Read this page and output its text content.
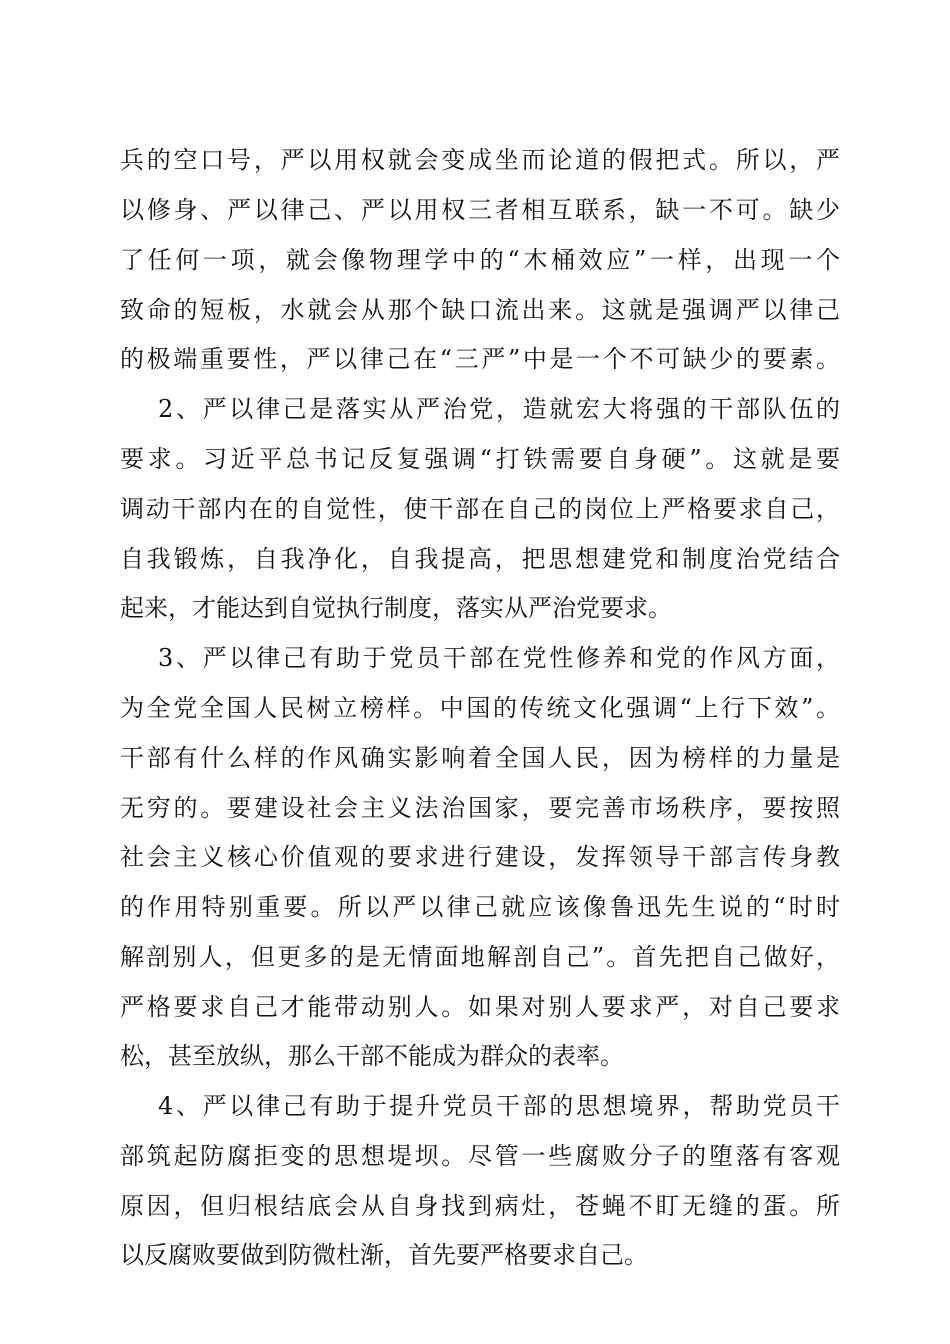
兵的空口号，严以用权就会变成坐而论道的假把式。所以，严
以修身、严以律己、严以用权三者相互联系，缺一不可。缺少
了任何一项，就会像物理学中的“木桶效应”一样，出现一个
致命的短板，水就会从那个缺口流出来。这就是强调严以律己
的极端重要性，严以律己在“三严”中是一个不可缺少的要素。
2、严以律己是落实从严治党，造就宏大将强的干部队伍的
要求。习近平总书记反复强调“打铁需要自身硬”。这就是要
调动干部内在的自觉性，使干部在自己的岗位上严格要求自己，
自我锻炼，自我净化，自我提高，把思想建党和制度治党结合
起来，才能达到自觉执行制度，落实从严治党要求。
3、严以律己有助于党员干部在党性修养和党的作风方面，
为全党全国人民树立榜样。中国的传统文化强调“上行下效”。
干部有什么样的作风确实影响着全国人民，因为榜样的力量是
无穷的。要建设社会主义法治国家，要完善市场秩序，要按照
社会主义核心价值观的要求进行建设，发挥领导干部言传身教
的作用特别重要。所以严以律己就应该像鲁迅先生说的“时时
解剖别人，但更多的是无情面地解剖自己”。首先把自己做好，
严格要求自己才能带动别人。如果对别人要求严，对自己要求
松，甚至放纵，那么干部不能成为群众的表率。
4、严以律己有助于提升党员干部的思想境界，帮助党员干
部筑起防腐拒变的思想堤坝。尽管一些腐败分子的堕落有客观
原因，但归根结底会从自身找到病灶，苍蝇不盯无缝的蛋。所
以反腐败要做到防微杜渐，首先要严格要求自己。
